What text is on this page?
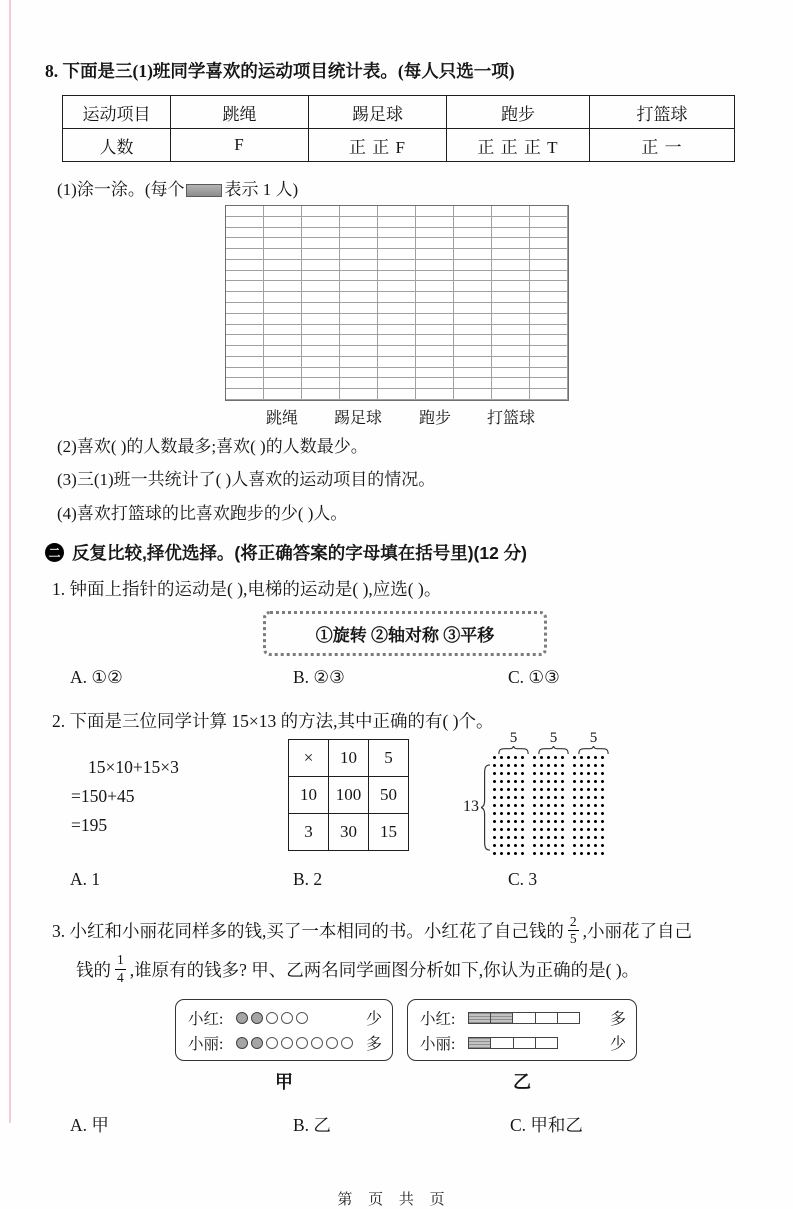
8. 下面是三(1)班同学喜欢的运动项目统计表。(每人只选一项)
运动项目	跳绳	踢足球	跑步	打篮球
人数	F	正 正 F	正 正 正 T	正 一
(1)涂一涂。(每个 表示 1 人)
跳绳 踢足球 跑步 打篮球
(2)喜欢( )的人数最多;喜欢( )的人数最少。
(3)三(1)班一共统计了( )人喜欢的运动项目的情况。
(4)喜欢打篮球的比喜欢跑步的少( )人。
二 反复比较,择优选择。(将正确答案的字母填在括号里)(12 分)
1. 钟面上指针的运动是( ),电梯的运动是( ),应选( )。
①旋转 ②轴对称 ③平移
A. ①②	B. ②③	C. ①③
2. 下面是三位同学计算 15×13 的方法,其中正确的有( )个。
15×10+15×3
=150+45
=195
×	10	5
10	100	50
3	30	15
5	5	5
13
A. 1	B. 2	C. 3
3. 小红和小丽花同样多的钱,买了一本相同的书。小红花了自己钱的 $\frac{2}{5}$ ,小丽花了自己
钱的 $\frac{1}{4}$ ,谁原有的钱多? 甲、乙两名同学画图分析如下,你认为正确的是( )。
小红:	少
小丽:	多
甲
小红:	多
小丽:	少
乙
A. 甲	B. 乙	C. 甲和乙
第 页 共 页
